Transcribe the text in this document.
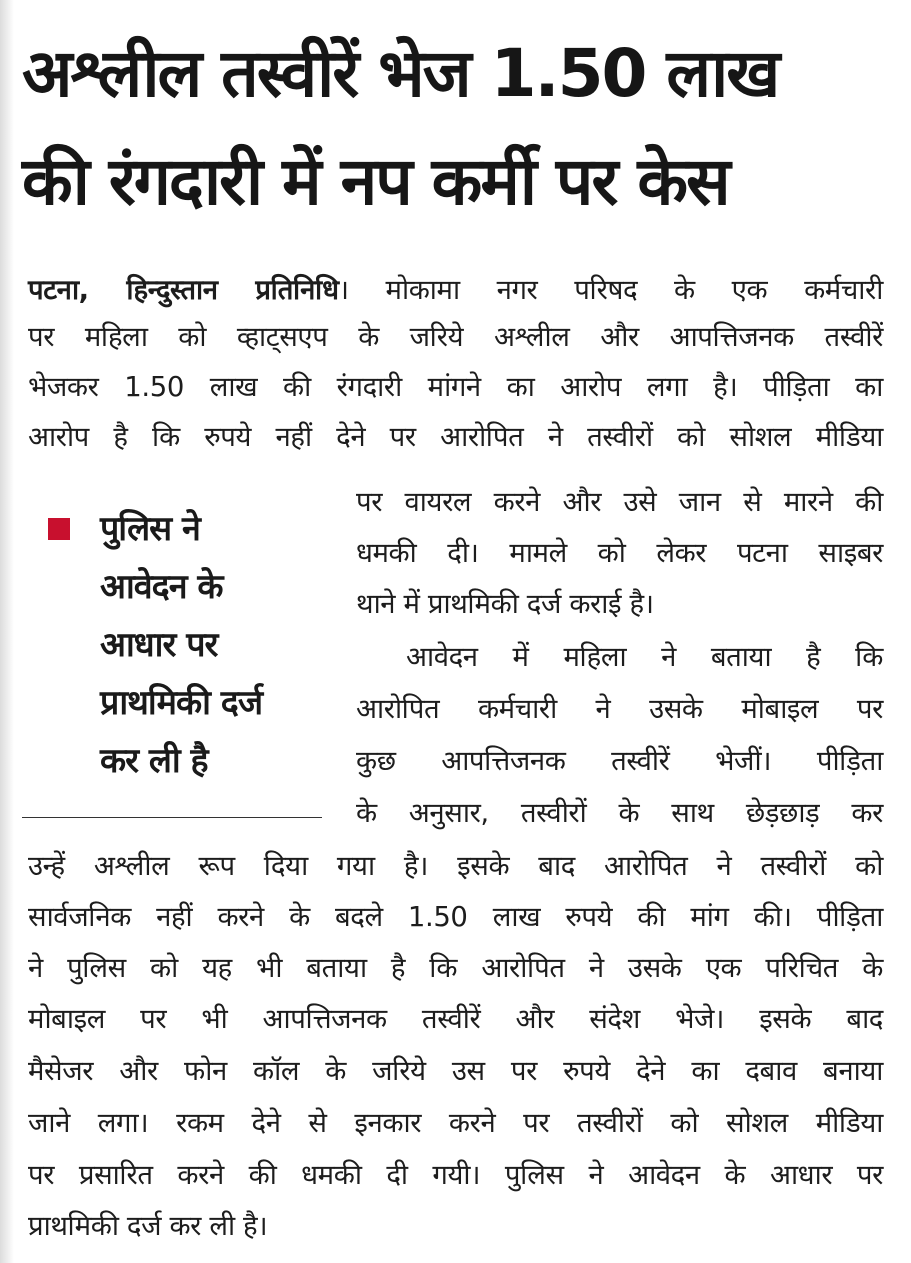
अश्लील तस्वीरें भेज 1.50 लाख
की रंगदारी में नप कर्मी पर केस

पटना, हिन्दुस्तान प्रतिनिधि। मोकामा नगर परिषद के एक कर्मचारी

पर महिला को व्हाट्सएप के जरिये अश्लील और आपत्तिजनक तस्वीरें

भेजकर 1.50 लाख की रंगदारी मांगने का आरोप लगा है। पीड़िता का

आरोप है कि रुपये नहीं देने पर आरोपित ने तस्वीरों को सोशल मीडिया

पर वायरल करने और उसे जान से मारने की

धमकी दी। मामले को लेकर पटना साइबर

थाने में प्राथमिकी दर्ज कराई है।

आवेदन में महिला ने बताया है कि

आरोपित कर्मचारी ने उसके मोबाइल पर

कुछ आपत्तिजनक तस्वीरें भेजीं। पीड़िता

के अनुसार, तस्वीरों के साथ छेड़छाड़ कर

उन्हें अश्लील रूप दिया गया है। इसके बाद आरोपित ने तस्वीरों को

सार्वजनिक नहीं करने के बदले 1.50 लाख रुपये की मांग की। पीड़िता

ने पुलिस को यह भी बताया है कि आरोपित ने उसके एक परिचित के

मोबाइल पर भी आपत्तिजनक तस्वीरें और संदेश भेजे। इसके बाद

मैसेजर और फोन कॉल के जरिये उस पर रुपये देने का दबाव बनाया

जाने लगा। रकम देने से इनकार करने पर तस्वीरों को सोशल मीडिया

पर प्रसारित करने की धमकी दी गयी। पुलिस ने आवेदन के आधार पर

प्राथमिकी दर्ज कर ली है।

पुलिस ने

आवेदन के

आधार पर

प्राथमिकी दर्ज

कर ली है
